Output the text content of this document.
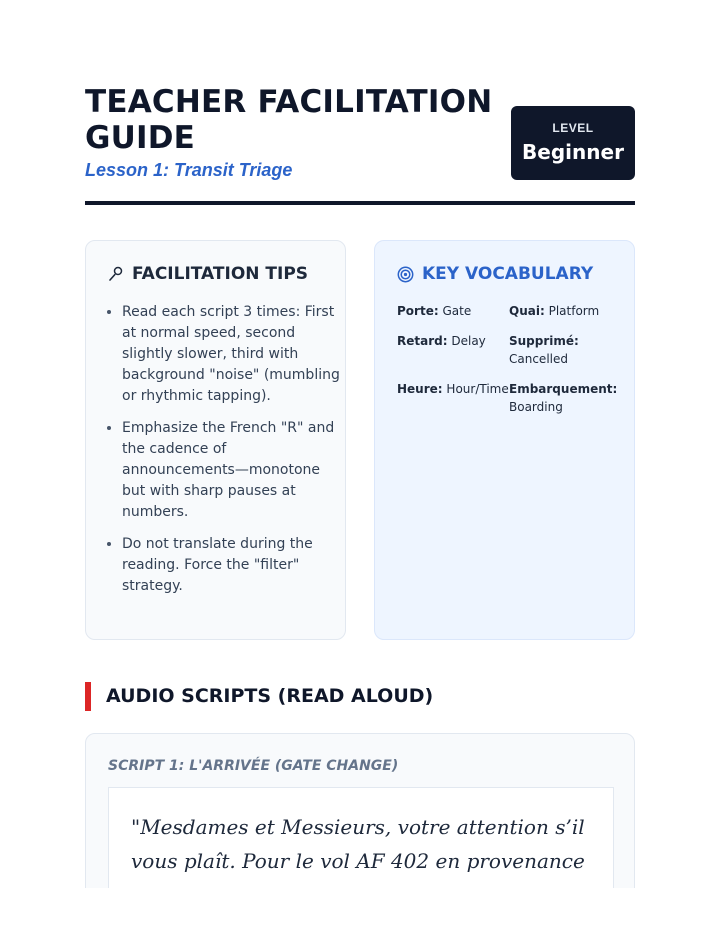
TEACHER FACILITATION GUIDE
Lesson 1: Transit Triage
LEVEL
Beginner
FACILITATION TIPS
• Read each script 3 times: First at normal speed, second slightly slower, third with background "noise" (mumbling or rhythmic tapping).
• Emphasize the French "R" and the cadence of announcements—monotone but with sharp pauses at numbers.
• Do not translate during the reading. Force the "filter" strategy.
KEY VOCABULARY
Porte: Gate	Quai: Platform
Retard: Delay	Supprimé: Cancelled
Heure: Hour/Time Embarquement: Boarding
AUDIO SCRIPTS (READ ALOUD)
SCRIPT 1: L'ARRIVÉE (GATE CHANGE)
"Mesdames et Messieurs, votre attention s’il vous plaît. Pour le vol AF 402 en provenance
